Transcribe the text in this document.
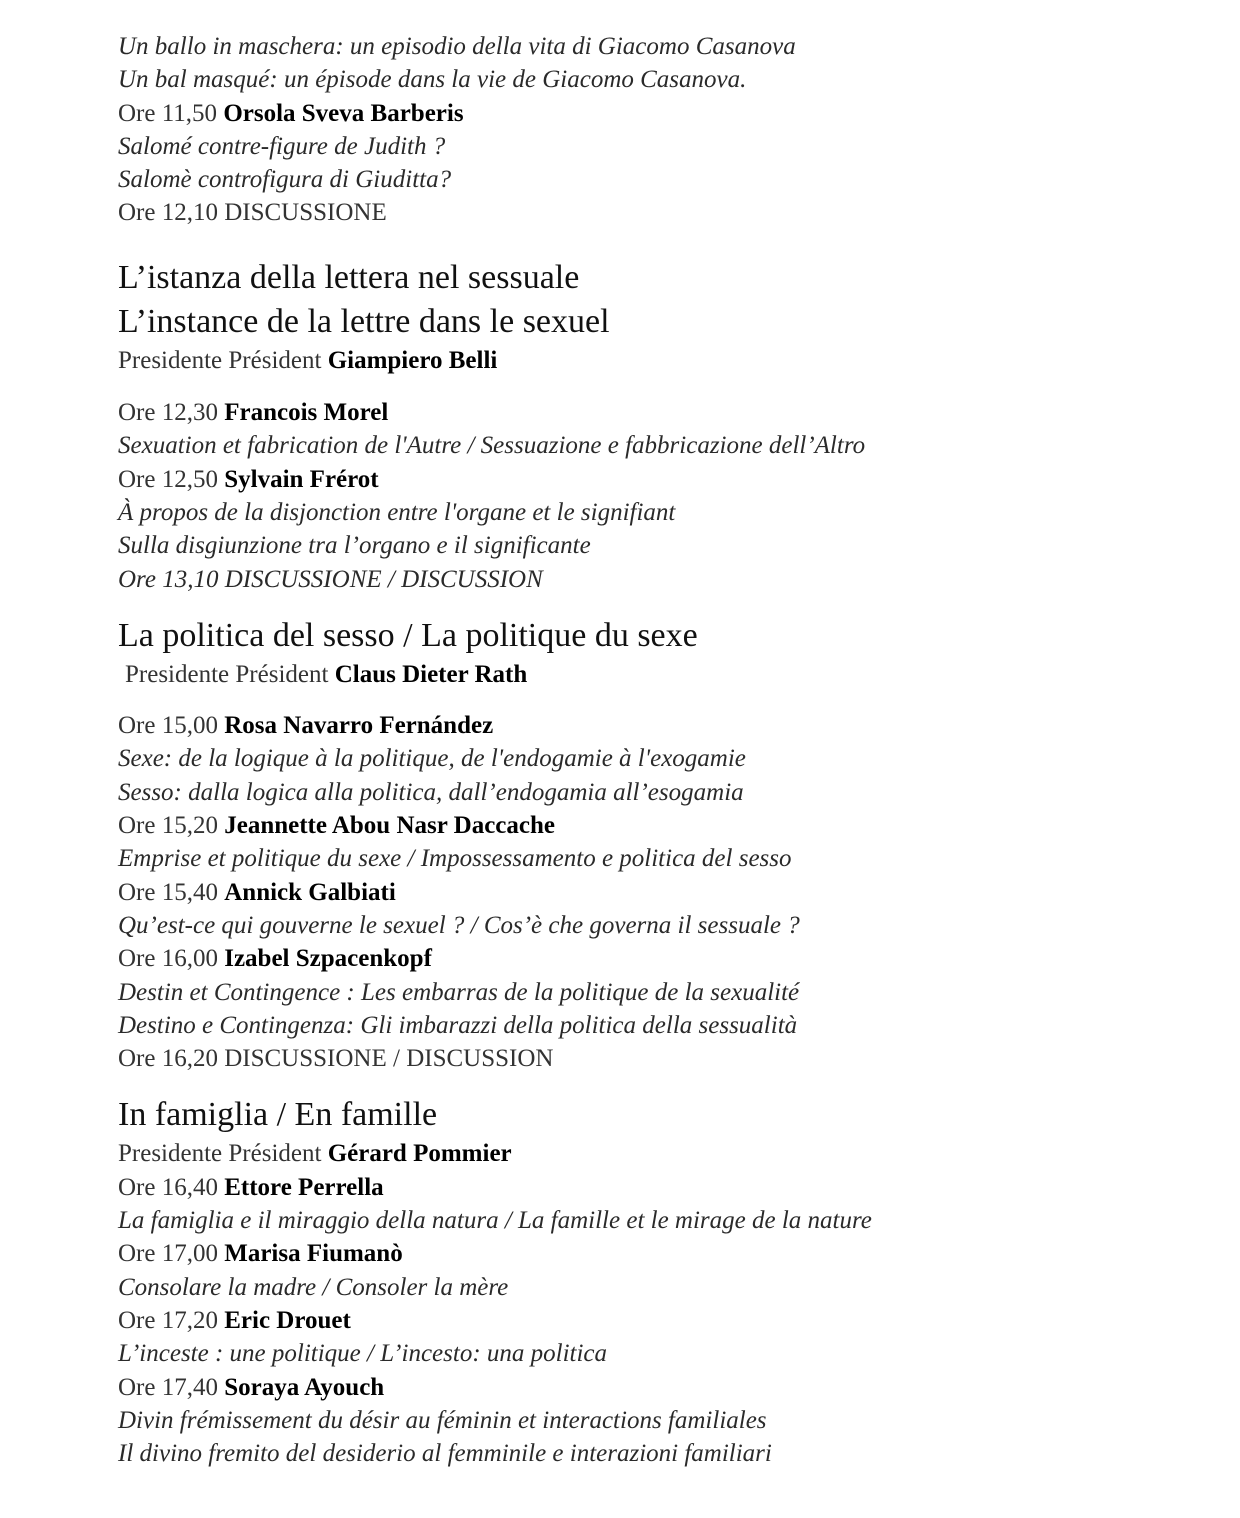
Un ballo in maschera: un episodio della vita di Giacomo Casanova
Un bal masqué: un épisode dans la vie de Giacomo Casanova.
Ore 11,50 Orsola Sveva Barberis
Salomé contre-figure de Judith ?
Salomè controfigura di Giuditta?
Ore 12,10 DISCUSSIONE
L’istanza della lettera nel sessuale
L’instance de la lettre dans le sexuel
Presidente Président Giampiero Belli
Ore 12,30 Francois Morel
Sexuation et fabrication de l'Autre / Sessuazione e fabbricazione dell’Altro
Ore 12,50 Sylvain Frérot
À propos de la disjonction entre l'organe et le signifiant
Sulla disgiunzione tra l’organo e il significante
Ore 13,10 DISCUSSIONE / DISCUSSION
La politica del sesso / La politique du sexe
Presidente Président Claus Dieter Rath
Ore 15,00 Rosa Navarro Fernández
Sexe: de la logique à la politique, de l'endogamie à l'exogamie
Sesso: dalla logica alla politica, dall’endogamia all’esogamia
Ore 15,20 Jeannette Abou Nasr Daccache
Emprise et politique du sexe / Impossessamento e politica del sesso
Ore 15,40 Annick Galbiati
Qu’est-ce qui gouverne le sexuel ? / Cos’è che governa il sessuale ?
Ore 16,00 Izabel Szpacenkopf
Destin et Contingence : Les embarras de la politique de la sexualité
Destino e Contingenza: Gli imbarazzi della politica della sessualità
Ore 16,20 DISCUSSIONE / DISCUSSION
In famiglia / En famille
Presidente Président Gérard Pommier
Ore 16,40 Ettore Perrella
La famiglia e il miraggio della natura / La famille et le mirage de la nature
Ore 17,00 Marisa Fiumanò
Consolare la madre / Consoler la mère
Ore 17,20 Eric Drouet
L’inceste : une politique / L’incesto: una politica
Ore 17,40 Soraya Ayouch
Divin frémissement du désir au féminin et interactions familiales
Il divino fremito del desiderio al femminile e interazioni familiari
